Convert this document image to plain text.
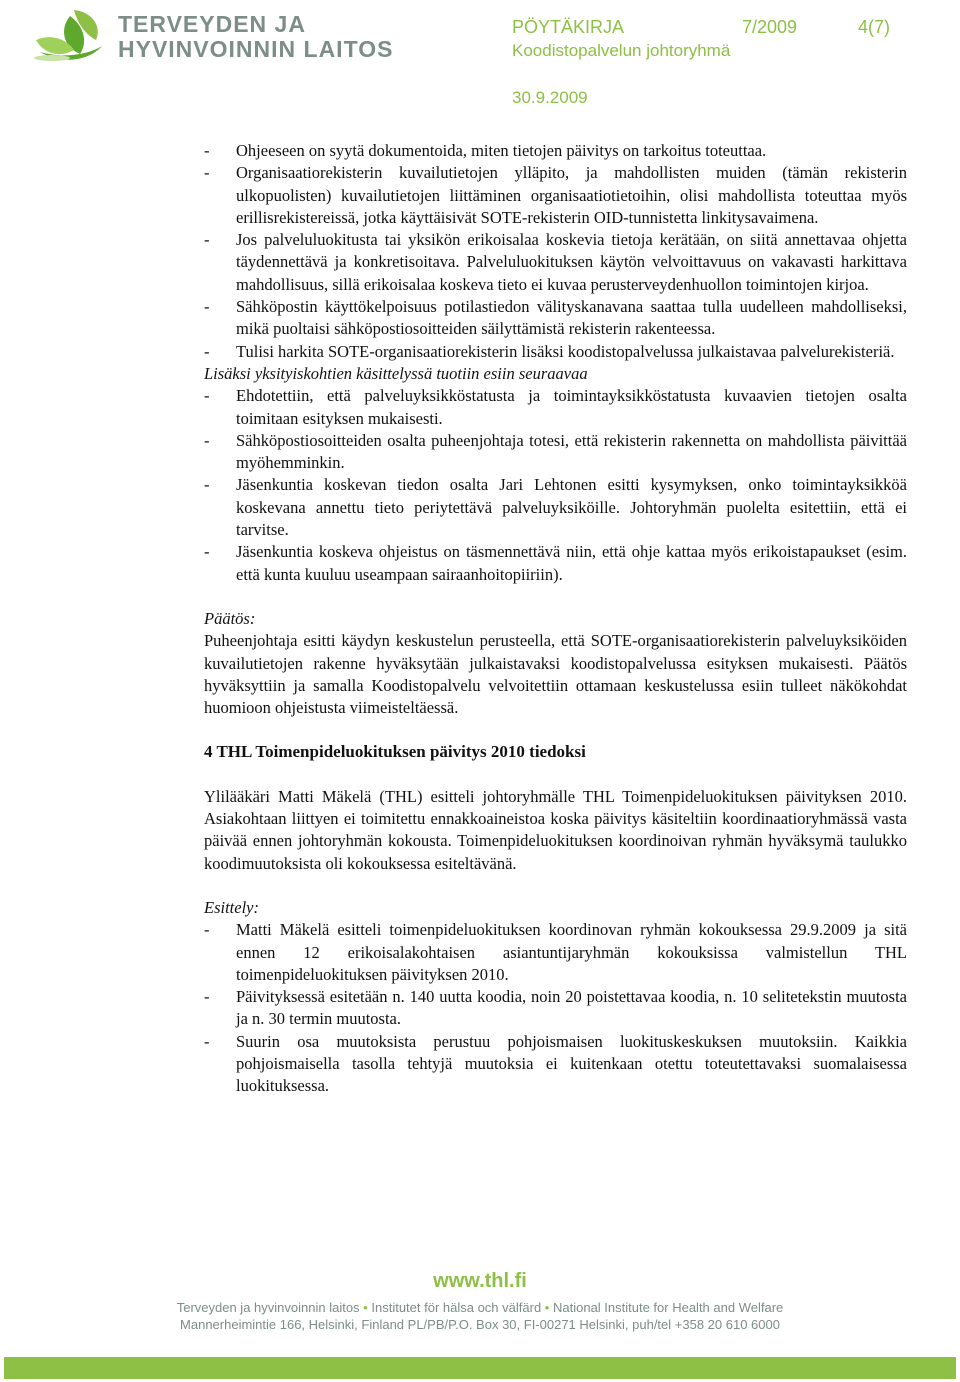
TERVEYDEN JA
HYVINVOINNIN LAITOS
PÖYTÄKIRJA	7/2009	4(7)
Koodistopalvelun johtoryhmä
30.9.2009
- Ohjeeseen on syytä dokumentoida, miten tietojen päivitys on tarkoitus toteuttaa.
- Organisaatiorekisterin kuvailutietojen ylläpito, ja mahdollisten muiden (tämän rekisterin ulkopuolisten) kuvailutietojen liittäminen organisaatiotietoihin, olisi mahdollista toteuttaa myös erillisrekistereissä, jotka käyttäisivät SOTE-rekisterin OID-tunnistetta linkitysavaimena.
- Jos palveluluokitusta tai yksikön erikoisalaa koskevia tietoja kerätään, on siitä annettavaa ohjetta täydennettävä ja konkretisoitava. Palveluluokituksen käytön velvoittavuus on vakavasti harkittava mahdollisuus, sillä erikoisalaa koskeva tieto ei kuvaa perusterveydenhuollon toimintojen kirjoa.
- Sähköpostin käyttökelpoisuus potilastiedon välityskanavana saattaa tulla uudelleen mahdolliseksi, mikä puoltaisi sähköpostiosoitteiden säilyttämistä rekisterin rakenteessa.
- Tulisi harkita SOTE-organisaatiorekisterin lisäksi koodistopalvelussa julkaistavaa palvelurekisteriä.

Lisäksi yksityiskohtien käsittelyssä tuotiin esiin seuraavaa

- Ehdotettiin, että palveluyksikköstatusta ja toimintayksikköstatusta kuvaavien tietojen osalta toimitaan esityksen mukaisesti.
- Sähköpostiosoitteiden osalta puheenjohtaja totesi, että rekisterin rakennetta on mahdollista päivittää myöhemminkin.
- Jäsenkuntia koskevan tiedon osalta Jari Lehtonen esitti kysymyksen, onko toimintayksikköä koskevana annettu tieto periytettävä palveluyksiköille. Johtoryhmän puolelta esitettiin, että ei tarvitse.
- Jäsenkuntia koskeva ohjeistus on täsmennettävä niin, että ohje kattaa myös erikoistapaukset (esim. että kunta kuuluu useampaan sairaanhoitopiiriin).

Päätös:

Puheenjohtaja esitti käydyn keskustelun perusteella, että SOTE-organisaatiorekisterin palveluyksiköiden kuvailutietojen rakenne hyväksytään julkaistavaksi koodistopalvelussa esityksen mukaisesti. Päätös hyväksyttiin ja samalla Koodistopalvelu velvoitettiin ottamaan keskustelussa esiin tulleet näkökohdat huomioon ohjeistusta viimeisteltäessä.

4 THL Toimenpideluokituksen päivitys 2010 tiedoksi

Ylilääkäri Matti Mäkelä (THL) esitteli johtoryhmälle THL Toimenpideluokituksen päivityksen 2010. Asiakohtaan liittyen ei toimitettu ennakkoaineistoa koska päivitys käsiteltiin koordinaatioryhmässä vasta päivää ennen johtoryhmän kokousta. Toimenpideluokituksen koordinoivan ryhmän hyväksymä taulukko koodimuutoksista oli kokouksessa esiteltävänä.

Esittely:

- Matti Mäkelä esitteli toimenpideluokituksen koordinovan ryhmän kokouksessa 29.9.2009 ja sitä ennen 12 erikoisalakohtaisen asiantuntijaryhmän kokouksissa valmistellun THL toimenpideluokituksen päivityksen 2010.
- Päivityksessä esitetään n. 140 uutta koodia, noin 20 poistettavaa koodia, n. 10 selitetekstin muutosta ja n. 30 termin muutosta.
- Suurin osa muutoksista perustuu pohjoismaisen luokituskeskuksen muutoksiin. Kaikkia pohjoismaisella tasolla tehtyjä muutoksia ei kuitenkaan otettu toteutettavaksi suomalaisessa luokituksessa.
www.thl.fi
Terveyden ja hyvinvoinnin laitos • Institutet för hälsa och välfärd • National Institute for Health and Welfare
Mannerheimintie 166, Helsinki, Finland PL/PB/P.O. Box 30, FI-00271 Helsinki, puh/tel +358 20 610 6000
